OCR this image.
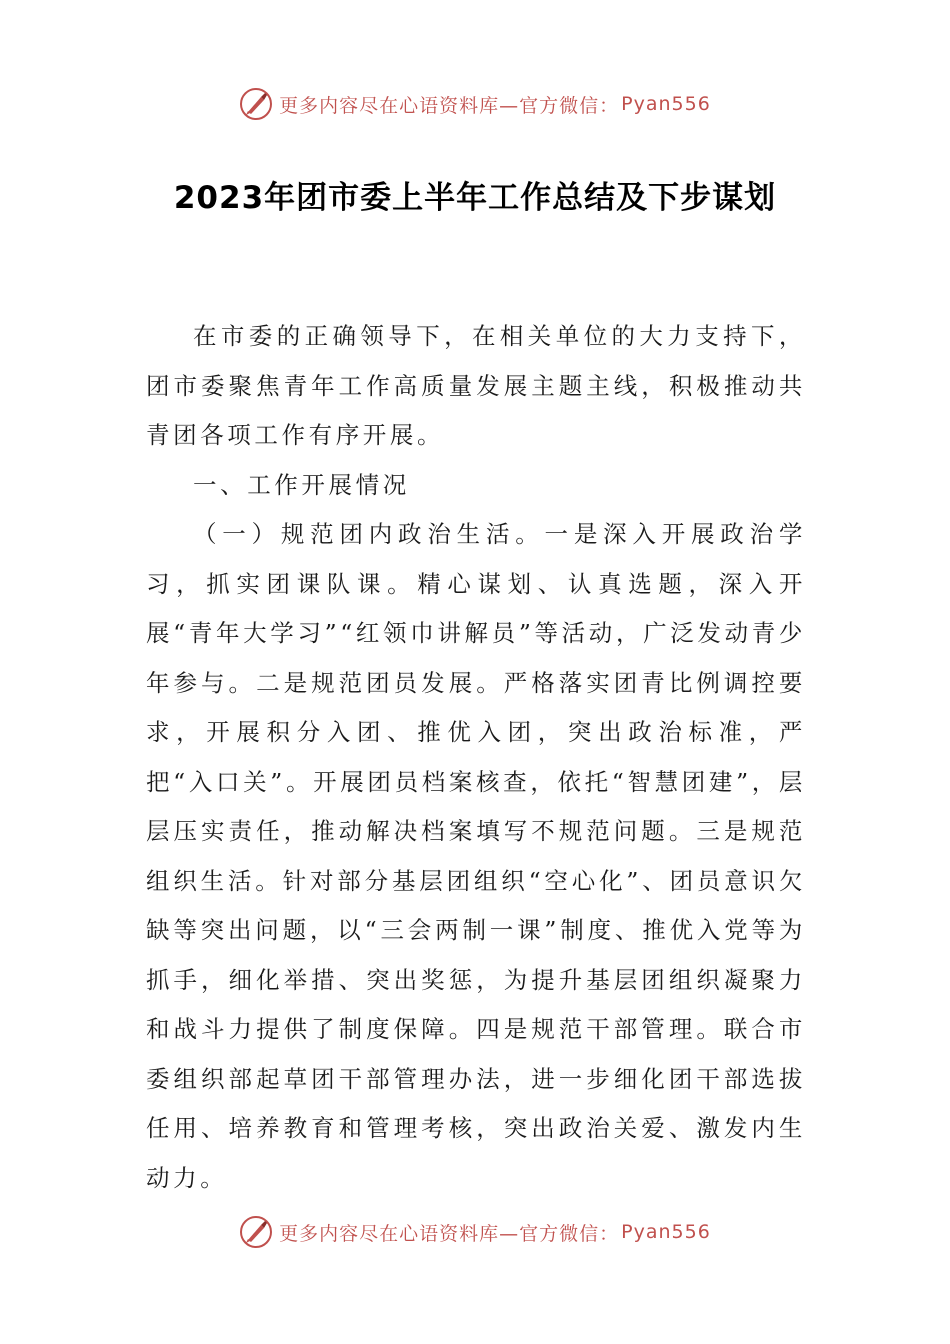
更多内容尽在心语资料库—官方微信： Pyan556
2023年团市委上半年工作总结及下步谋划

在市委的正确领导下，在相关单位的大力支持下，团市委聚焦青年工作高质量发展主题主线，积极推动共青团各项工作有序开展。

一、工作开展情况

（一）规范团内政治生活。一是深入开展政治学习，抓实团课队课。精心谋划、认真选题，深入开展“青年大学习”“红领巾讲解员”等活动，广泛发动青少年参与。二是规范团员发展。严格落实团青比例调控要求，开展积分入团、推优入团，突出政治标准，严把“入口关”。开展团员档案核查，依托“智慧团建”，层层压实责任，推动解决档案填写不规范问题。三是规范组织生活。针对部分基层团组织“空心化”、团员意识欠缺等突出问题，以“三会两制一课”制度、推优入党等为抓手，细化举措、突出奖惩，为提升基层团组织凝聚力和战斗力提供了制度保障。四是规范干部管理。联合市委组织部起草团干部管理办法，进一步细化团干部选拔任用、培养教育和管理考核，突出政治关爱、激发内生动力。

更多内容尽在心语资料库—官方微信： Pyan556
